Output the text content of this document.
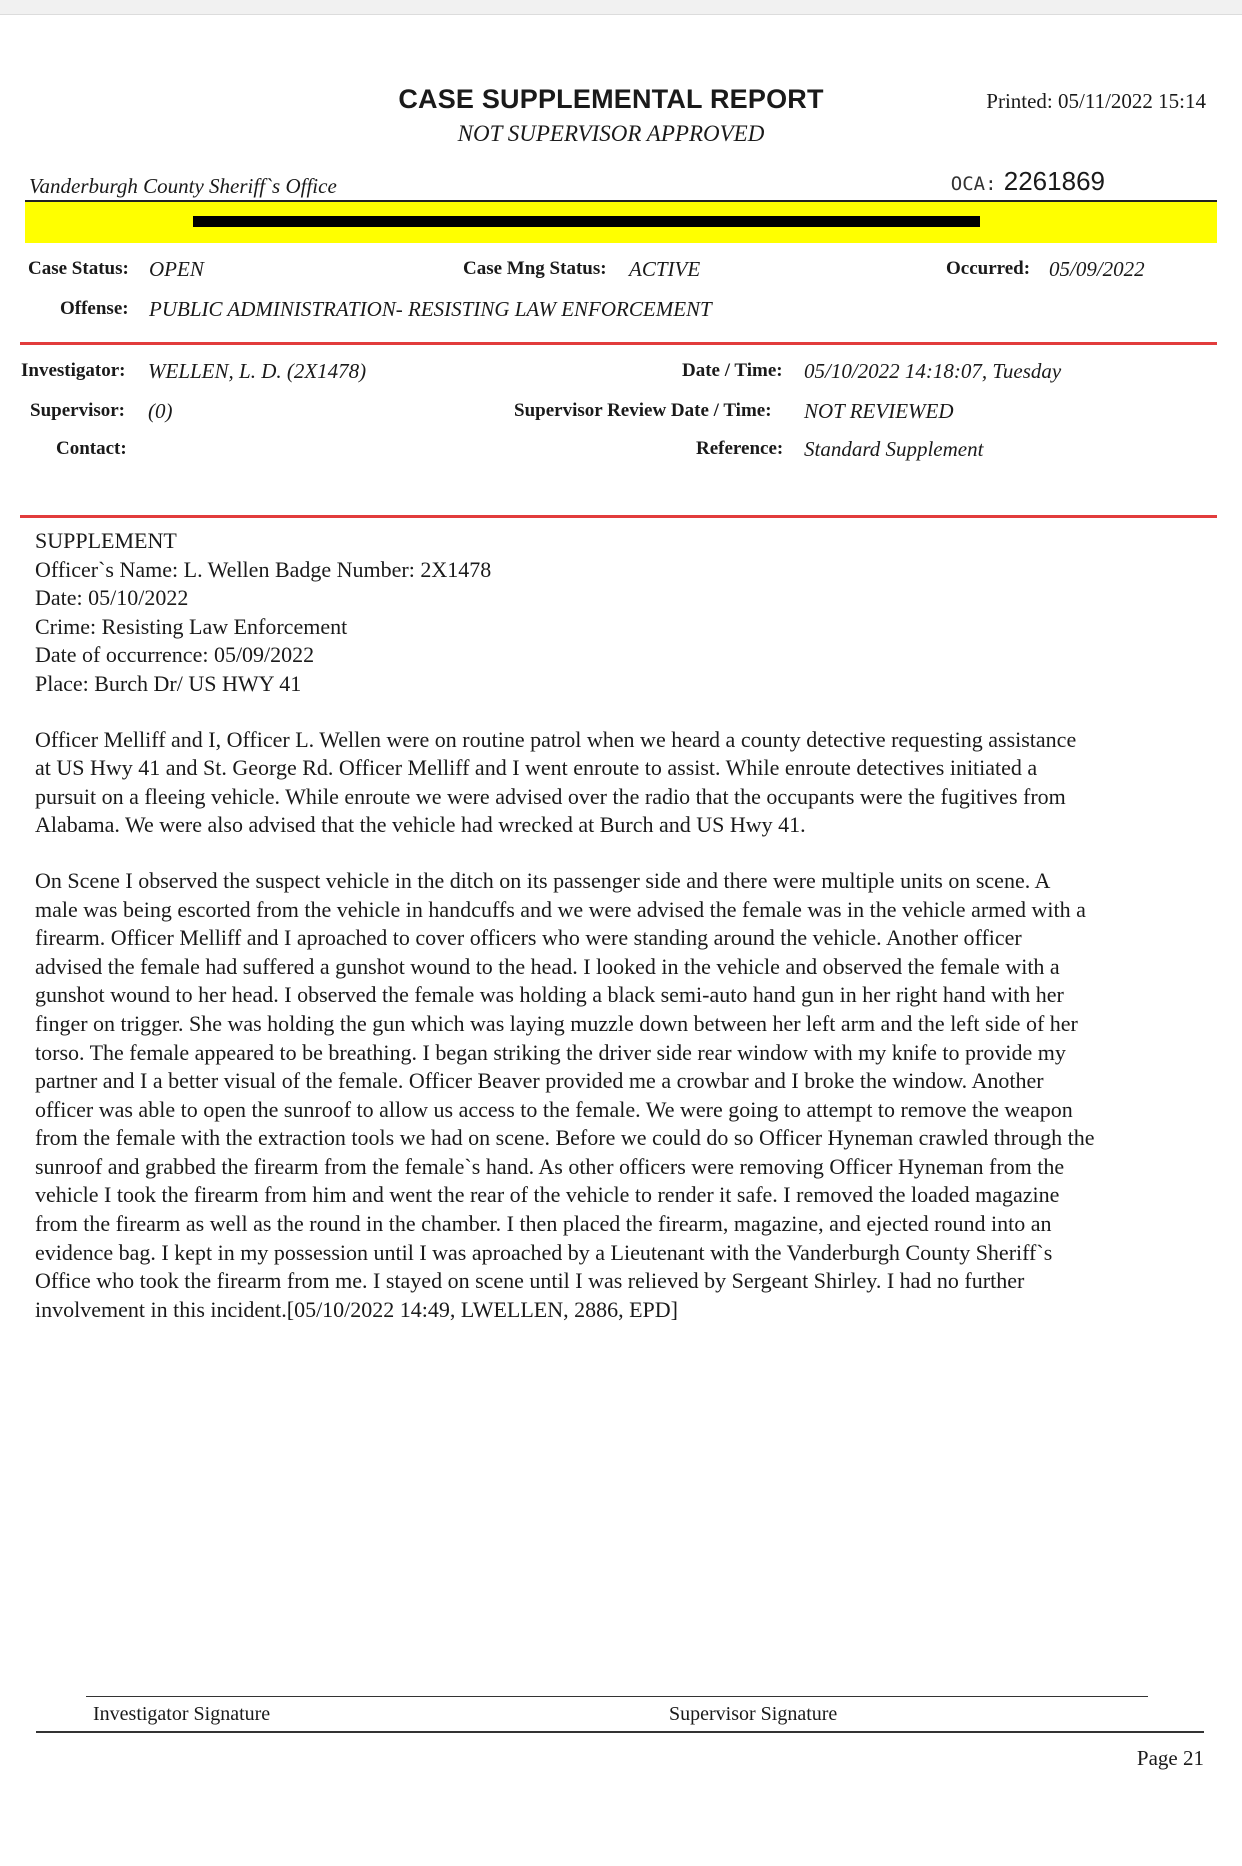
CASE SUPPLEMENTAL REPORT
NOT SUPERVISOR APPROVED
Printed: 05/11/2022 15:14
Vanderburgh County Sheriff`s Office	OCA: 2261869
Case Status: OPEN	Case Mng Status: ACTIVE	Occurred: 05/09/2022
Offense: PUBLIC ADMINISTRATION- RESISTING LAW ENFORCEMENT
Investigator: WELLEN, L. D. (2X1478)	Date / Time: 05/10/2022 14:18:07, Tuesday
Supervisor: (0)	Supervisor Review Date / Time: NOT REVIEWED
Contact:	Reference: Standard Supplement

SUPPLEMENT

Officer`s Name: L. Wellen Badge Number: 2X1478

Date: 05/10/2022

Crime: Resisting Law Enforcement

Date of occurrence: 05/09/2022

Place: Burch Dr/ US HWY 41

Officer Melliff and I, Officer L. Wellen were on routine patrol when we heard a county detective requesting assistance

at US Hwy 41 and St. George Rd. Officer Melliff and I went enroute to assist. While enroute detectives initiated a

pursuit on a fleeing vehicle. While enroute we were advised over the radio that the occupants were the fugitives from

Alabama. We were also advised that the vehicle had wrecked at Burch and US Hwy 41.

On Scene I observed the suspect vehicle in the ditch on its passenger side and there were multiple units on scene. A

male was being escorted from the vehicle in handcuffs and we were advised the female was in the vehicle armed with a

firearm. Officer Melliff and I aproached to cover officers who were standing around the vehicle. Another officer

advised the female had suffered a gunshot wound to the head. I looked in the vehicle and observed the female with a

gunshot wound to her head. I observed the female was holding a black semi-auto hand gun in her right hand with her

finger on trigger. She was holding the gun which was laying muzzle down between her left arm and the left side of her

torso. The female appeared to be breathing. I began striking the driver side rear window with my knife to provide my

partner and I a better visual of the female. Officer Beaver provided me a crowbar and I broke the window. Another

officer was able to open the sunroof to allow us access to the female. We were going to attempt to remove the weapon

from the female with the extraction tools we had on scene. Before we could do so Officer Hyneman crawled through the

sunroof and grabbed the firearm from the female`s hand. As other officers were removing Officer Hyneman from the

vehicle I took the firearm from him and went the rear of the vehicle to render it safe. I removed the loaded magazine

from the firearm as well as the round in the chamber. I then placed the firearm, magazine, and ejected round into an

evidence bag. I kept in my possession until I was aproached by a Lieutenant with the Vanderburgh County Sheriff`s

Office who took the firearm from me. I stayed on scene until I was relieved by Sergeant Shirley. I had no further

involvement in this incident.[05/10/2022 14:49, LWELLEN, 2886, EPD]

Investigator Signature	Supervisor Signature
Page 21
